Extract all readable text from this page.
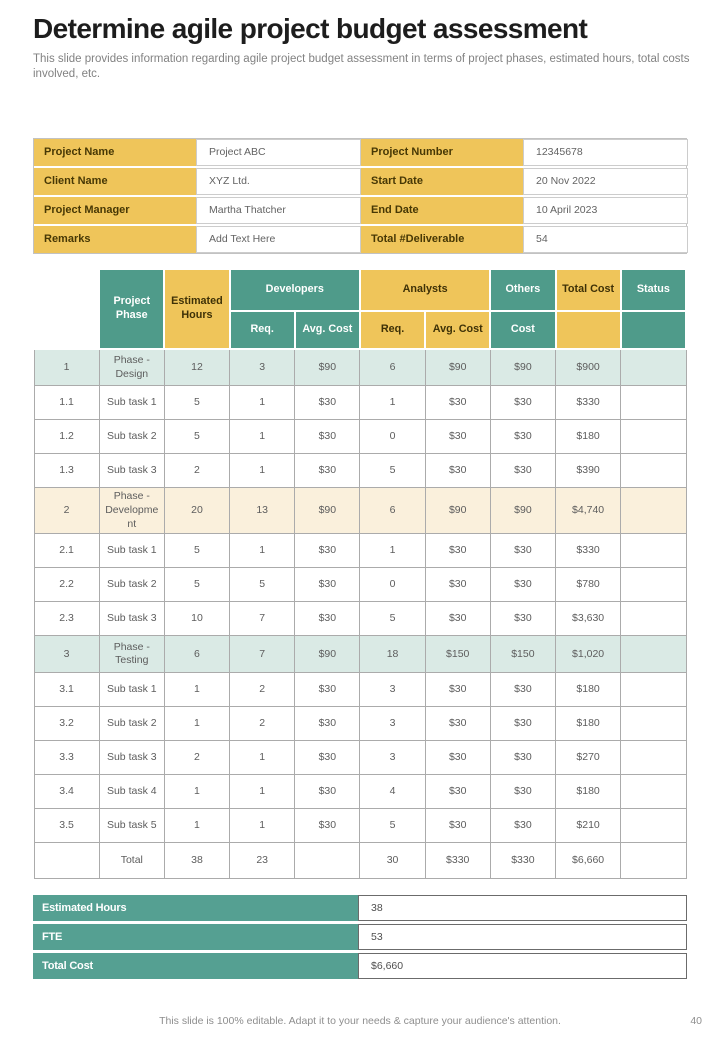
Determine agile project budget assessment

This slide provides information regarding agile project budget assessment in terms of project phases, estimated hours, total costs involved, etc.

Project Name	Project ABC	Project Number	12345678
Client Name	XYZ Ltd.	Start Date	20 Nov 2022
Project Manager	Martha Thatcher	End Date	10 April 2023
Remarks	Add Text Here	Total #Deliverable	54
	Project Phase	Estimated Hours	Developers		Analysts		Others	Total Cost	Status
			Req.	Avg. Cost	Req.	Avg. Cost	Cost		
1	Phase - Design	12	3	$90	6	$90	$90	$900	
1.1	Sub task 1	5	1	$30	1	$30	$30	$330	
1.2	Sub task 2	5	1	$30	0	$30	$30	$180	
1.3	Sub task 3	2	1	$30	5	$30	$30	$390	
2	Phase - Development	20	13	$90	6	$90	$90	$4,740	
2.1	Sub task 1	5	1	$30	1	$30	$30	$330	
2.2	Sub task 2	5	5	$30	0	$30	$30	$780	
2.3	Sub task 3	10	7	$30	5	$30	$30	$3,630	
3	Phase - Testing	6	7	$90	18	$150	$150	$1,020	
3.1	Sub task 1	1	2	$30	3	$30	$30	$180	
3.2	Sub task 2	1	2	$30	3	$30	$30	$180	
3.3	Sub task 3	2	1	$30	3	$30	$30	$270	
3.4	Sub task 4	1	1	$30	4	$30	$30	$180	
3.5	Sub task 5	1	1	$30	5	$30	$30	$210	
	Total	38	23		30	$330	$330	$6,660	
Estimated Hours	38
FTE	53
Total Cost	$6,660
This slide is 100% editable. Adapt it to your needs & capture your audience's attention.	40
